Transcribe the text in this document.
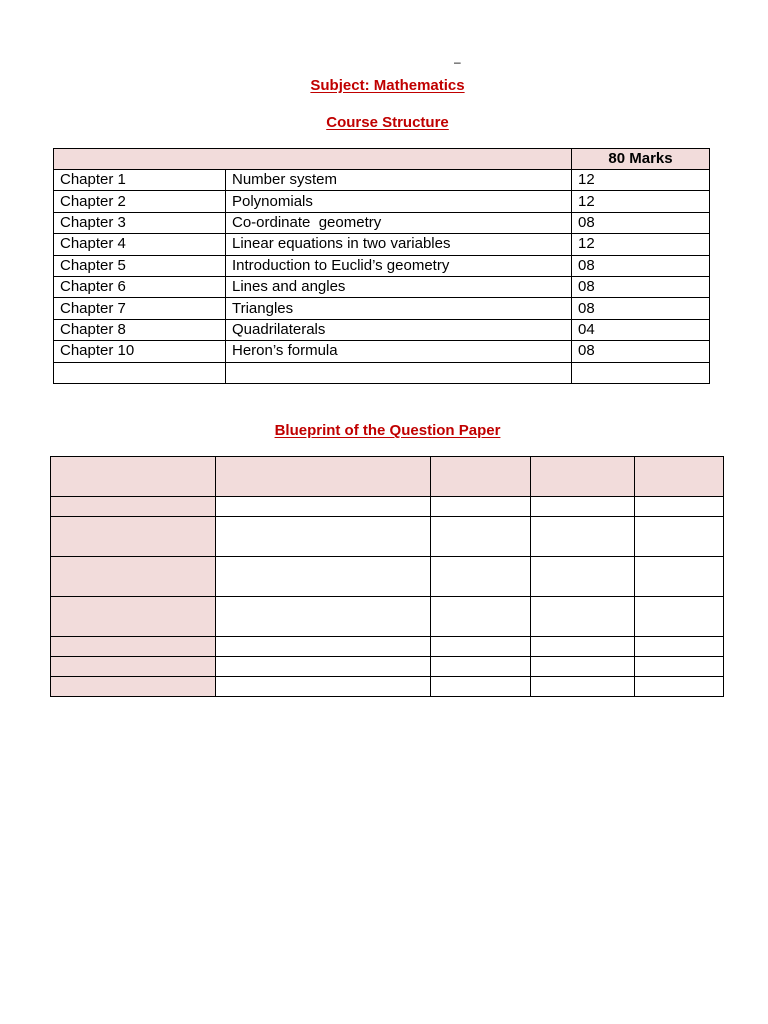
–
Subject: Mathematics
Course Structure
		80 Marks
Chapter 1	Number system	12
Chapter 2	Polynomials	12
Chapter 3	Co-ordinate  geometry	08
Chapter 4	Linear equations in two variables	12
Chapter 5	Introduction to Euclid’s geometry	08
Chapter 6	Lines and angles	08
Chapter 7	Triangles	08
Chapter 8	Quadrilaterals	04
Chapter 10	Heron’s formula	08

Blueprint of the Question Paper
